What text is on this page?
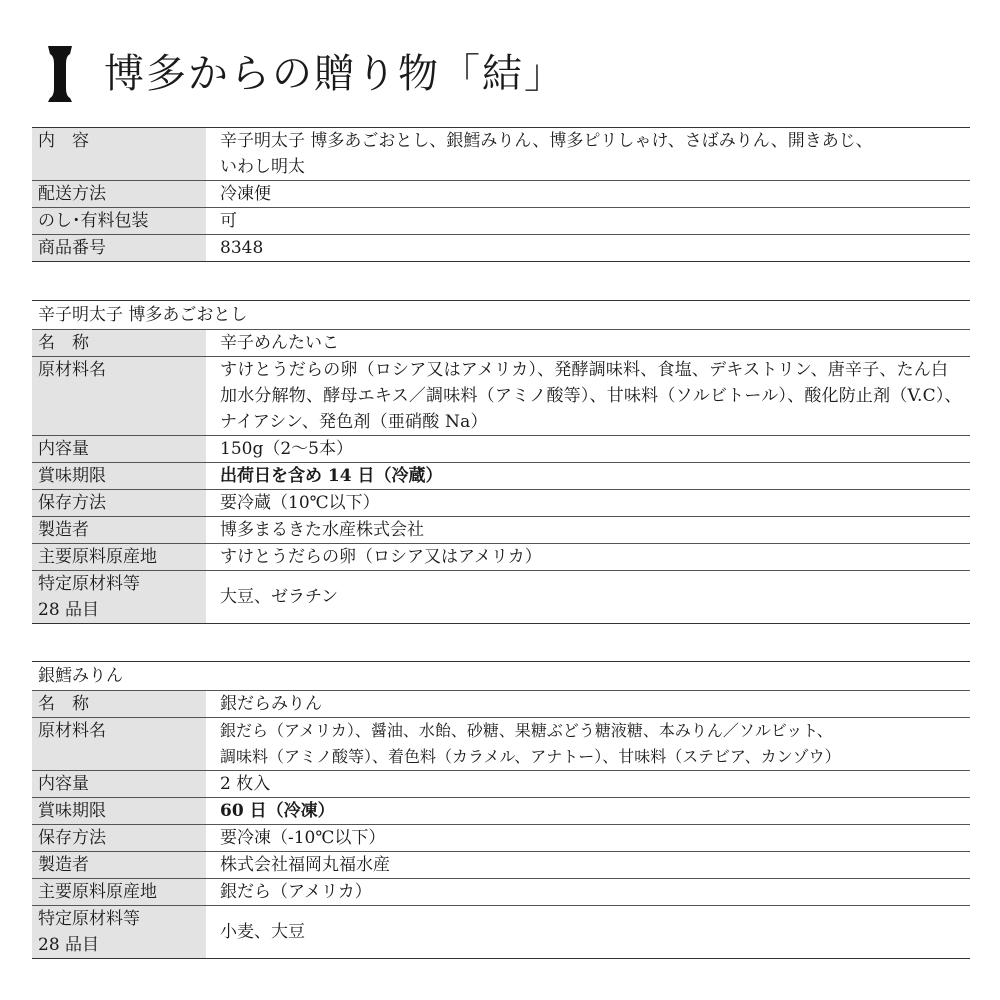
博多からの贈り物「結」
内　容	辛子明太子 博多あごおとし、銀鱈みりん、博多ピリしゃけ、さばみりん、開きあじ、
いわし明太
配送方法	冷凍便
のし･有料包装	可
商品番号	8348
辛子明太子 博多あごおとし
名　称	辛子めんたいこ
原材料名	すけとうだらの卵（ロシア又はアメリカ）、発酵調味料、食塩、デキストリン、唐辛子、たん白加水分解物、酵母エキス／調味料（アミノ酸等）、甘味料（ソルビトール）、酸化防止剤（V.C）、ナイアシン、発色剤（亜硝酸 Na）
内容量	150g（2〜5本）
賞味期限	出荷日を含め 14 日（冷蔵）
保存方法	要冷蔵（10℃以下）
製造者	博多まるきた水産株式会社
主要原料原産地	すけとうだらの卵（ロシア又はアメリカ）
特定原材料等
28 品目	大豆、ゼラチン
銀鱈みりん
名　称	銀だらみりん
原材料名	銀だら（アメリカ）、醤油、水飴、砂糖、果糖ぶどう糖液糖、本みりん／ソルビット、
調味料（アミノ酸等）、着色料（カラメル、アナトー）、甘味料（ステビア、カンゾウ）
内容量	2 枚入
賞味期限	60 日（冷凍）
保存方法	要冷凍（-10℃以下）
製造者	株式会社福岡丸福水産
主要原料原産地	銀だら（アメリカ）
特定原材料等
28 品目	小麦、大豆
